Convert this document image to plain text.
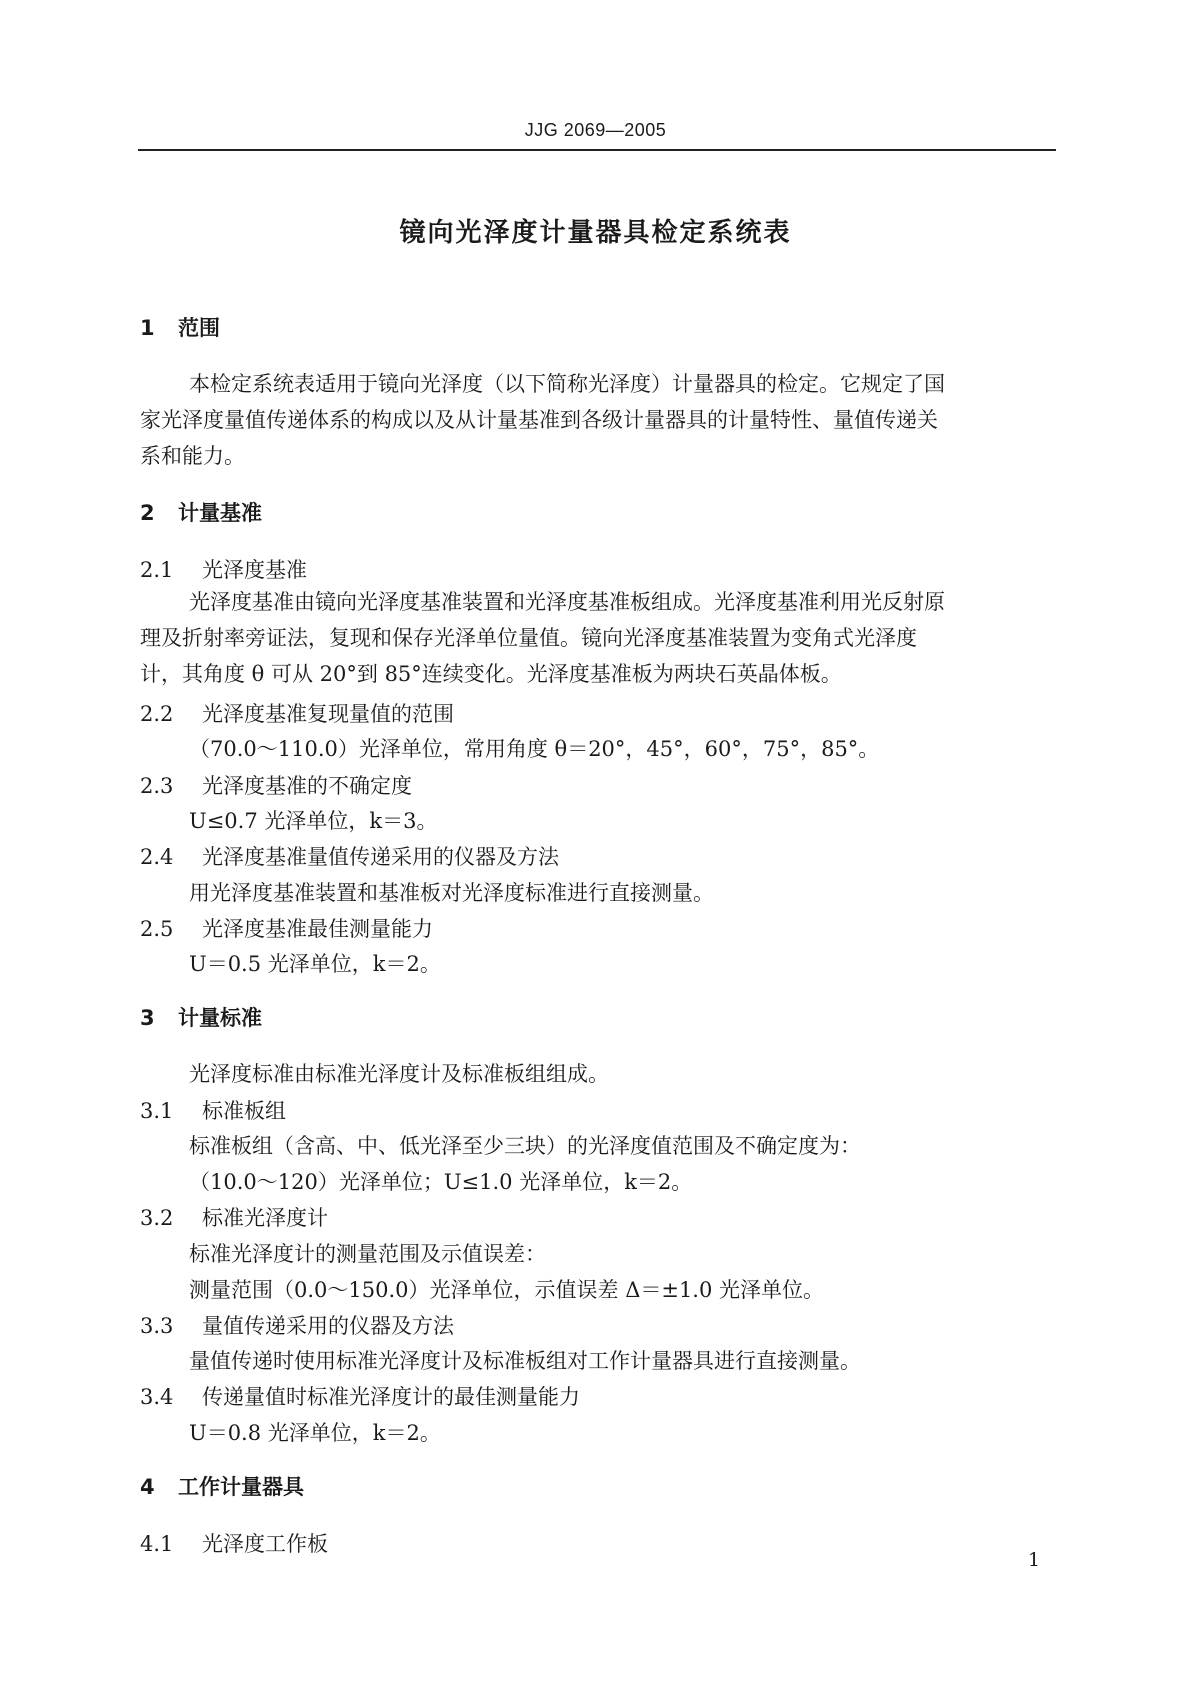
JJG 2069—2005
镜向光泽度计量器具检定系统表
1 范围
本检定系统表适用于镜向光泽度（以下简称光泽度）计量器具的检定。它规定了国
家光泽度量值传递体系的构成以及从计量基准到各级计量器具的计量特性、量值传递关
系和能力。
2 计量基准
2.1 光泽度基准
光泽度基准由镜向光泽度基准装置和光泽度基准板组成。光泽度基准利用光反射原
理及折射率旁证法，复现和保存光泽单位量值。镜向光泽度基准装置为变角式光泽度
计，其角度 θ 可从 20°到 85°连续变化。光泽度基准板为两块石英晶体板。
2.2 光泽度基准复现量值的范围
（70.0～110.0）光泽单位，常用角度 θ＝20°，45°，60°，75°，85°。
2.3 光泽度基准的不确定度
U≤0.7 光泽单位，k＝3。
2.4 光泽度基准量值传递采用的仪器及方法
用光泽度基准装置和基准板对光泽度标准进行直接测量。
2.5 光泽度基准最佳测量能力
U＝0.5 光泽单位，k＝2。
3 计量标准
光泽度标准由标准光泽度计及标准板组组成。
3.1 标准板组
标准板组（含高、中、低光泽至少三块）的光泽度值范围及不确定度为：
（10.0～120）光泽单位；U≤1.0 光泽单位，k＝2。
3.2 标准光泽度计
标准光泽度计的测量范围及示值误差：
测量范围（0.0～150.0）光泽单位，示值误差 Δ＝±1.0 光泽单位。
3.3 量值传递采用的仪器及方法
量值传递时使用标准光泽度计及标准板组对工作计量器具进行直接测量。
3.4 传递量值时标准光泽度计的最佳测量能力
U＝0.8 光泽单位，k＝2。
4 工作计量器具
4.1 光泽度工作板
1
